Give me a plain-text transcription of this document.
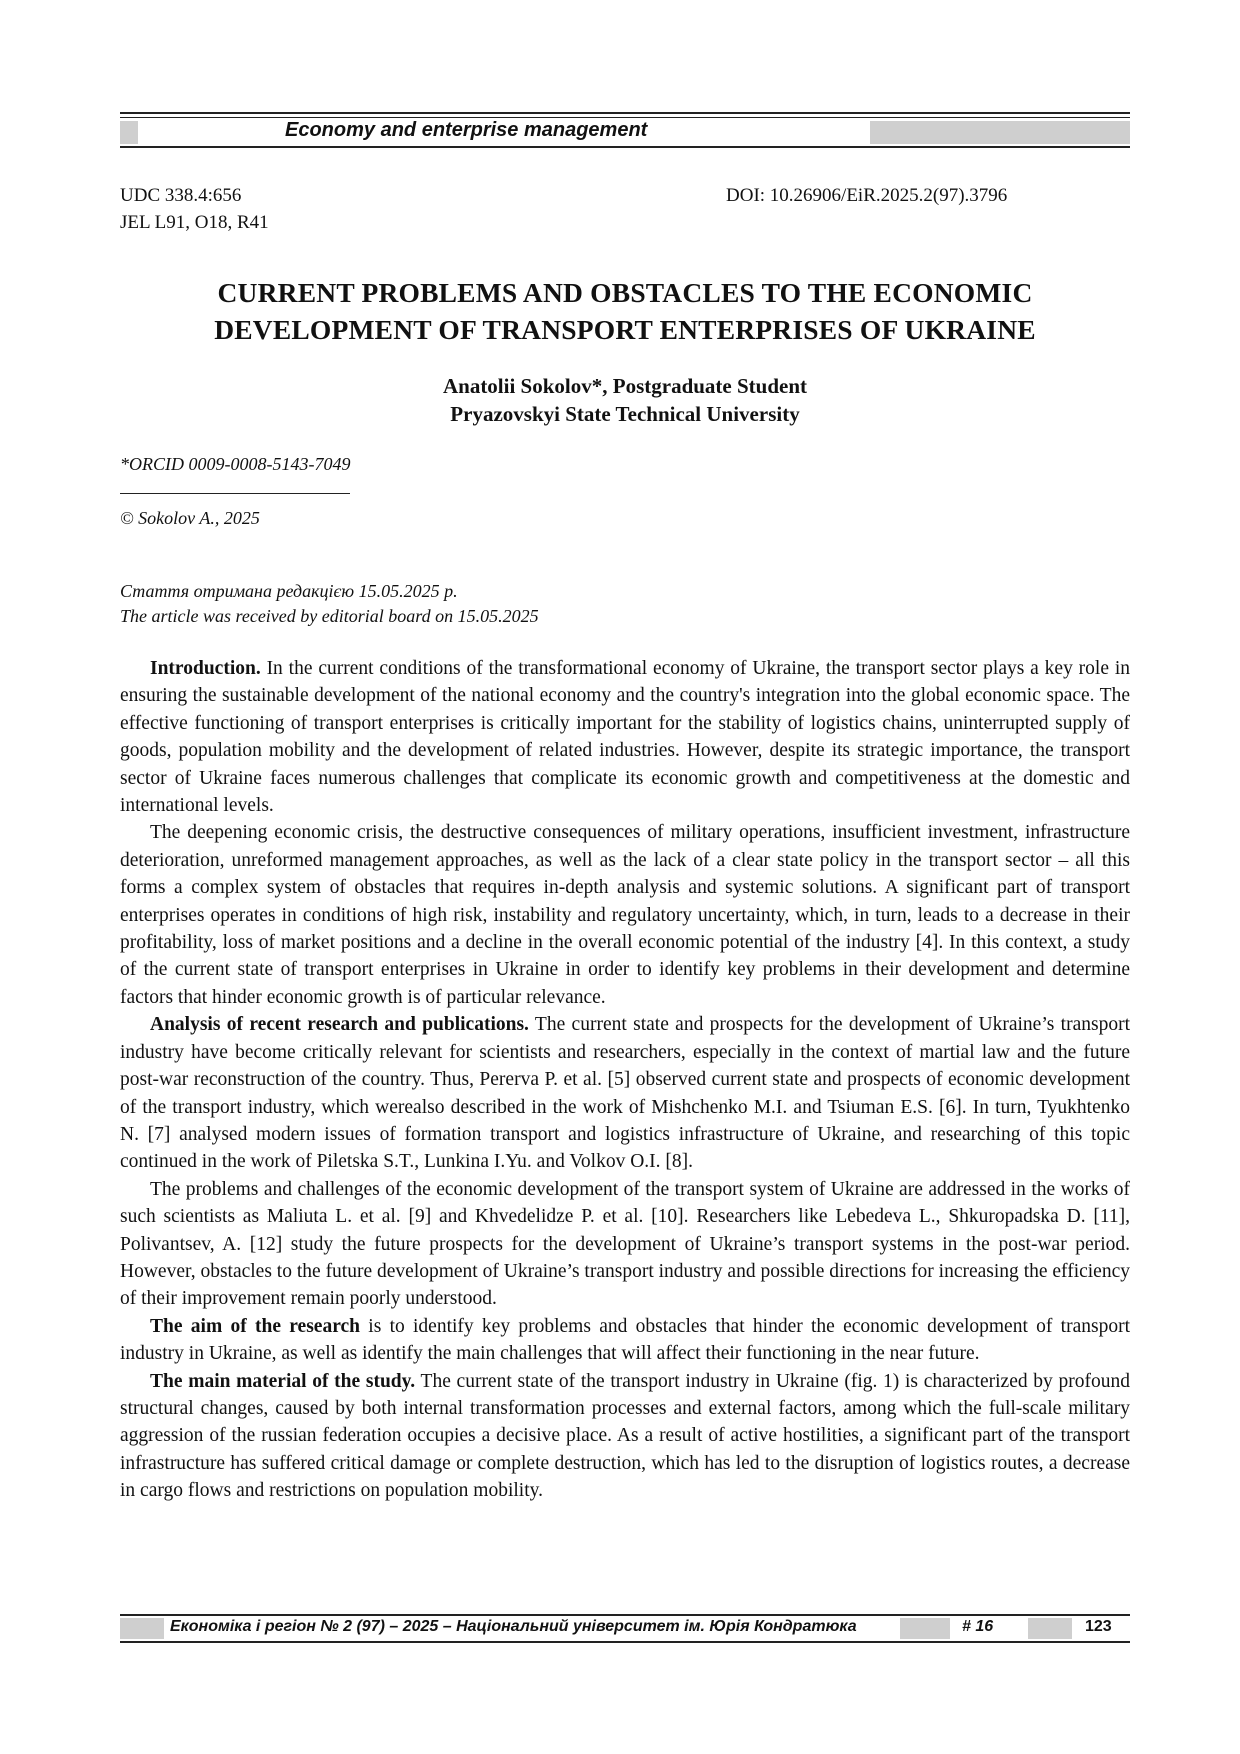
Economy and enterprise management
UDC 338.4:656
JEL L91, O18, R41
DOI: 10.26906/EiR.2025.2(97).3796
CURRENT PROBLEMS AND OBSTACLES TO THE ECONOMIC DEVELOPMENT OF TRANSPORT ENTERPRISES OF UKRAINE
Anatolii Sokolov*, Postgraduate Student
Pryazovskyi State Technical University
*ORCID 0009-0008-5143-7049
© Sokolov A., 2025
Стаття отримана редакцією 15.05.2025 р.
The article was received by editorial board on 15.05.2025

Introduction. In the current conditions of the transformational economy of Ukraine, the transport sector plays a key role in ensuring the sustainable development of the national economy and the country's integration into the global economic space. The effective functioning of transport enterprises is critically important for the stability of logistics chains, uninterrupted supply of goods, population mobility and the development of related industries. However, despite its strategic importance, the transport sector of Ukraine faces numerous challenges that complicate its economic growth and competitiveness at the domestic and international levels.

The deepening economic crisis, the destructive consequences of military operations, insufficient investment, infrastructure deterioration, unreformed management approaches, as well as the lack of a clear state policy in the transport sector – all this forms a complex system of obstacles that requires in-depth analysis and systemic solutions. A significant part of transport enterprises operates in conditions of high risk, instability and regulatory uncertainty, which, in turn, leads to a decrease in their profitability, loss of market positions and a decline in the overall economic potential of the industry [4]. In this context, a study of the current state of transport enterprises in Ukraine in order to identify key problems in their development and determine factors that hinder economic growth is of particular relevance.

Analysis of recent research and publications. The current state and prospects for the development of Ukraine’s transport industry have become critically relevant for scientists and researchers, especially in the context of martial law and the future post-war reconstruction of the country. Thus, Pererva P. et al. [5] observed current state and prospects of economic development of the transport industry, which werealso described in the work of Mishchenko M.I. and Tsiuman E.S. [6]. In turn, Tyukhtenko N. [7] analysed modern issues of formation transport and logistics infrastructure of Ukraine, and researching of this topic continued in the work of Piletska S.T., Lunkina I.Yu. and Volkov O.I. [8].

The problems and challenges of the economic development of the transport system of Ukraine are addressed in the works of such scientists as Maliuta L. et al. [9] and Khvedelidze P. et al. [10]. Researchers like Lebedeva L., Shkuropadska D. [11], Polivantsev, A. [12] study the future prospects for the development of Ukraine’s transport systems in the post-war period. However, obstacles to the future development of Ukraine’s transport industry and possible directions for increasing the efficiency of their improvement remain poorly understood.

The aim of the research is to identify key problems and obstacles that hinder the economic development of transport industry in Ukraine, as well as identify the main challenges that will affect their functioning in the near future.

The main material of the study. The current state of the transport industry in Ukraine (fig. 1) is characterized by profound structural changes, caused by both internal transformation processes and external factors, among which the full-scale military aggression of the russian federation occupies a decisive place. As a result of active hostilities, a significant part of the transport infrastructure has suffered critical damage or complete destruction, which has led to the disruption of logistics routes, a decrease in cargo flows and restrictions on population mobility.

Економіка і регіон № 2 (97) – 2025 – Національний університет ім. Юрія Кондратюка	# 16	123
